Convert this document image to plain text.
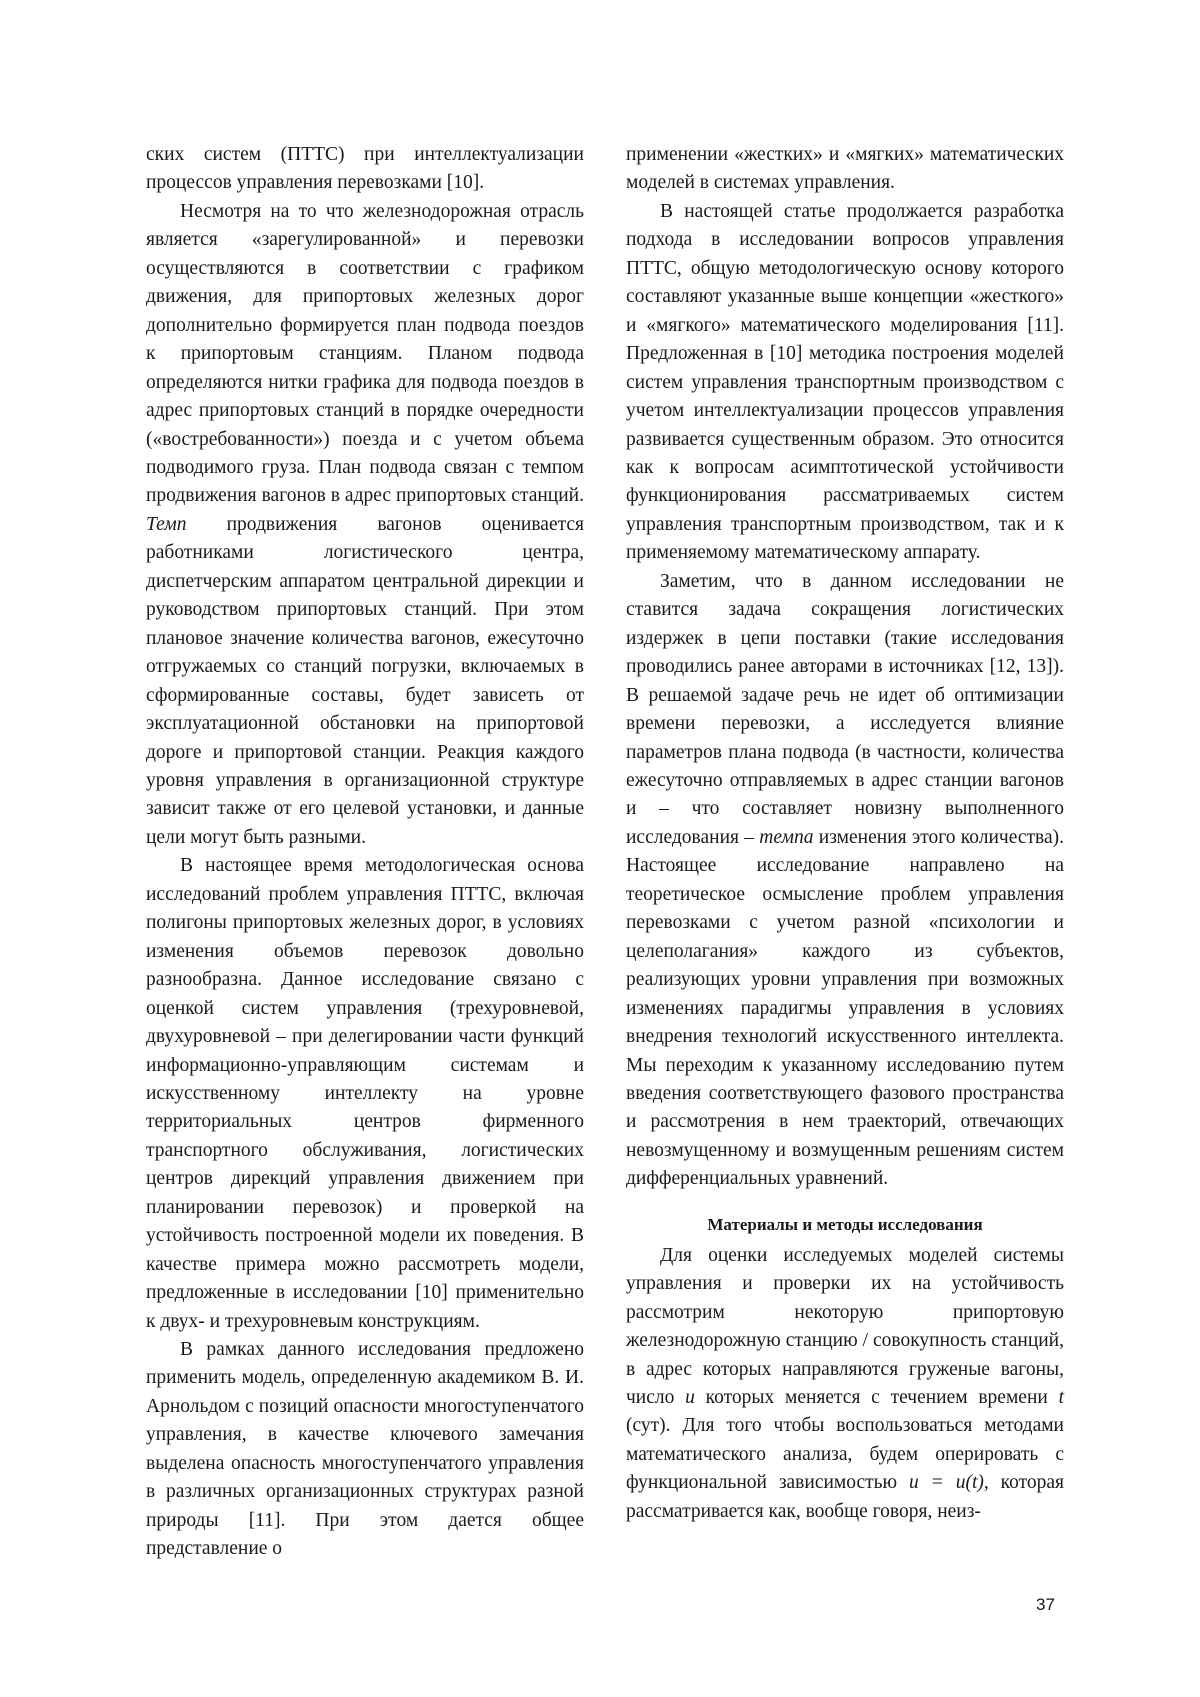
ских систем (ПТТС) при интеллектуализации процессов управления перевозками [10].

Несмотря на то что железнодорожная отрасль является «зарегулированной» и перевозки осуществляются в соответствии с графиком движения, для припортовых железных дорог дополнительно формируется план подвода поездов к припортовым станциям. Планом подвода определяются нитки графика для подвода поездов в адрес припортовых станций в порядке очередности («востребованности») поезда и с учетом объема подводимого груза. План подвода связан с темпом продвижения вагонов в адрес припортовых станций. Темп продвижения вагонов оценивается работниками логистического центра, диспетчерским аппаратом центральной дирекции и руководством припортовых станций. При этом плановое значение количества вагонов, ежесуточно отгружаемых со станций погрузки, включаемых в сформированные составы, будет зависеть от эксплуатационной обстановки на припортовой дороге и припортовой станции. Реакция каждого уровня управления в организационной структуре зависит также от его целевой установки, и данные цели могут быть разными.

В настоящее время методологическая основа исследований проблем управления ПТТС, включая полигоны припортовых железных дорог, в условиях изменения объемов перевозок довольно разнообразна. Данное исследование связано с оценкой систем управления (трехуровневой, двухуровневой – при делегировании части функций информационно-управляющим системам и искусственному интеллекту на уровне территориальных центров фирменного транспортного обслуживания, логистических центров дирекций управления движением при планировании перевозок) и проверкой на устойчивость построенной модели их поведения. В качестве примера можно рассмотреть модели, предложенные в исследовании [10] применительно к двух- и трехуровневым конструкциям.

В рамках данного исследования предложено применить модель, определенную академиком В. И. Арнольдом с позиций опасности многоступенчатого управления, в качестве ключевого замечания выделена опасность многоступенчатого управления в различных организационных структурах разной природы [11]. При этом дается общее представление о

применении «жестких» и «мягких» математических моделей в системах управления.

В настоящей статье продолжается разработка подхода в исследовании вопросов управления ПТТС, общую методологическую основу которого составляют указанные выше концепции «жесткого» и «мягкого» математического моделирования [11]. Предложенная в [10] методика построения моделей систем управления транспортным производством с учетом интеллектуализации процессов управления развивается существенным образом. Это относится как к вопросам асимптотической устойчивости функционирования рассматриваемых систем управления транспортным производством, так и к применяемому математическому аппарату.

Заметим, что в данном исследовании не ставится задача сокращения логистических издержек в цепи поставки (такие исследования проводились ранее авторами в источниках [12, 13]). В решаемой задаче речь не идет об оптимизации времени перевозки, а исследуется влияние параметров плана подвода (в частности, количества ежесуточно отправляемых в адрес станции вагонов и – что составляет новизну выполненного исследования – темпа изменения этого количества). Настоящее исследование направлено на теоретическое осмысление проблем управления перевозками с учетом разной «психологии и целеполагания» каждого из субъектов, реализующих уровни управления при возможных изменениях парадигмы управления в условиях внедрения технологий искусственного интеллекта. Мы переходим к указанному исследованию путем введения соответствующего фазового пространства и рассмотрения в нем траекторий, отвечающих невозмущенному и возмущенным решениям систем дифференциальных уравнений.

Материалы и методы исследования

Для оценки исследуемых моделей системы управления и проверки их на устойчивость рассмотрим некоторую припортовую железнодорожную станцию / совокупность станций, в адрес которых направляются груженые вагоны, число u которых меняется с течением времени t (сут). Для того чтобы воспользоваться методами математического анализа, будем оперировать с функциональной зависимостью u = u(t), которая рассматривается как, вообще говоря, неиз-

37
